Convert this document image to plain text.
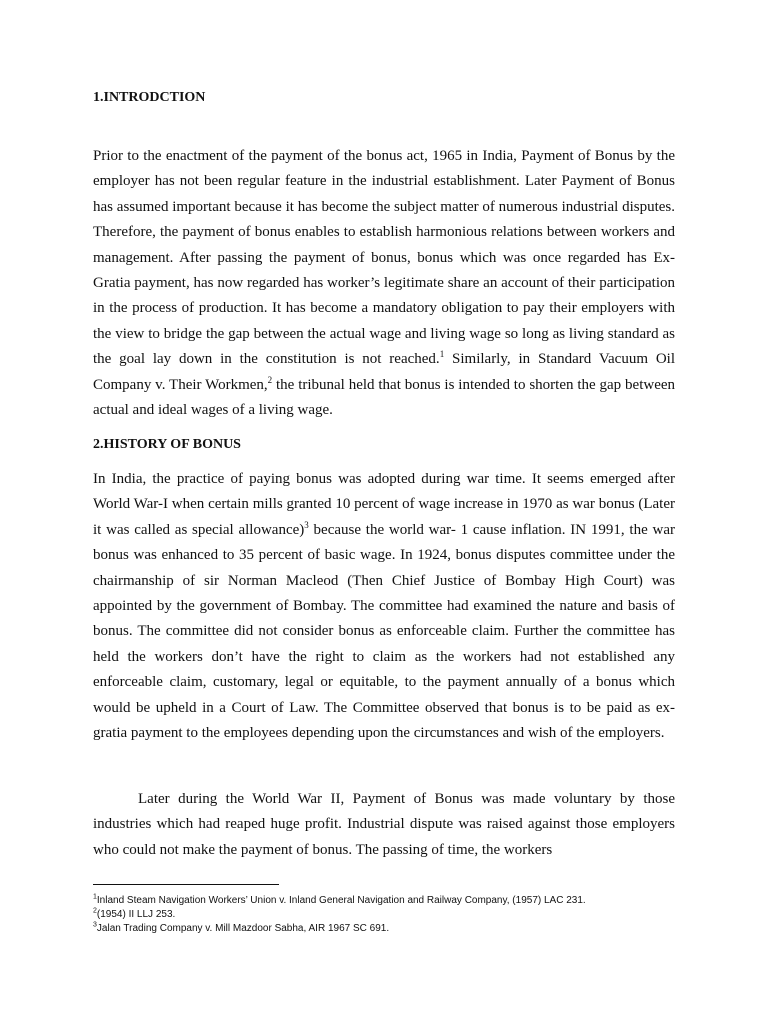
1.INTRODCTION

Prior to the enactment of the payment of the bonus act, 1965 in India, Payment of Bonus by the employer has not been regular feature in the industrial establishment. Later Payment of Bonus has assumed important because it has become the subject matter of numerous industrial disputes. Therefore, the payment of bonus enables to establish harmonious relations between workers and management. After passing the payment of bonus, bonus which was once regarded has Ex- Gratia payment, has now regarded has worker’s legitimate share an account of their participation in the process of production. It has become a mandatory obligation to pay their employers with the view to bridge the gap between the actual wage and living wage so long as living standard as the goal lay down in the constitution is not reached.$^1$ Similarly, in Standard Vacuum Oil Company v. Their Workmen,$^2$ the tribunal held that bonus is intended to shorten the gap between actual and ideal wages of a living wage.

2.HISTORY OF BONUS

In India, the practice of paying bonus was adopted during war time. It seems emerged after World War-I when certain mills granted 10 percent of wage increase in 1970 as war bonus (Later it was called as special allowance)$^3$ because the world war- 1 cause inflation. IN 1991, the war bonus was enhanced to 35 percent of basic wage. In 1924, bonus disputes committee under the chairmanship of sir Norman Macleod (Then Chief Justice of Bombay High Court) was appointed by the government of Bombay. The committee had examined the nature and basis of bonus. The committee did not consider bonus as enforceable claim. Further the committee has held the workers don’t have the right to claim as the workers had not established any enforceable claim, customary, legal or equitable, to the payment annually of a bonus which would be upheld in a Court of Law. The Committee observed that bonus is to be paid as ex-gratia payment to the employees depending upon the circumstances and wish of the employers.

Later during the World War II, Payment of Bonus was made voluntary by those industries which had reaped huge profit. Industrial dispute was raised against those employers who could not make the payment of bonus. The passing of time, the workers

$^1$Inland Steam Navigation Workers’ Union v. Inland General Navigation and Railway Company, (1957) LAC 231.
$^2$(1954) II LLJ 253.
$^3$Jalan Trading Company v. Mill Mazdoor Sabha, AIR 1967 SC 691.
